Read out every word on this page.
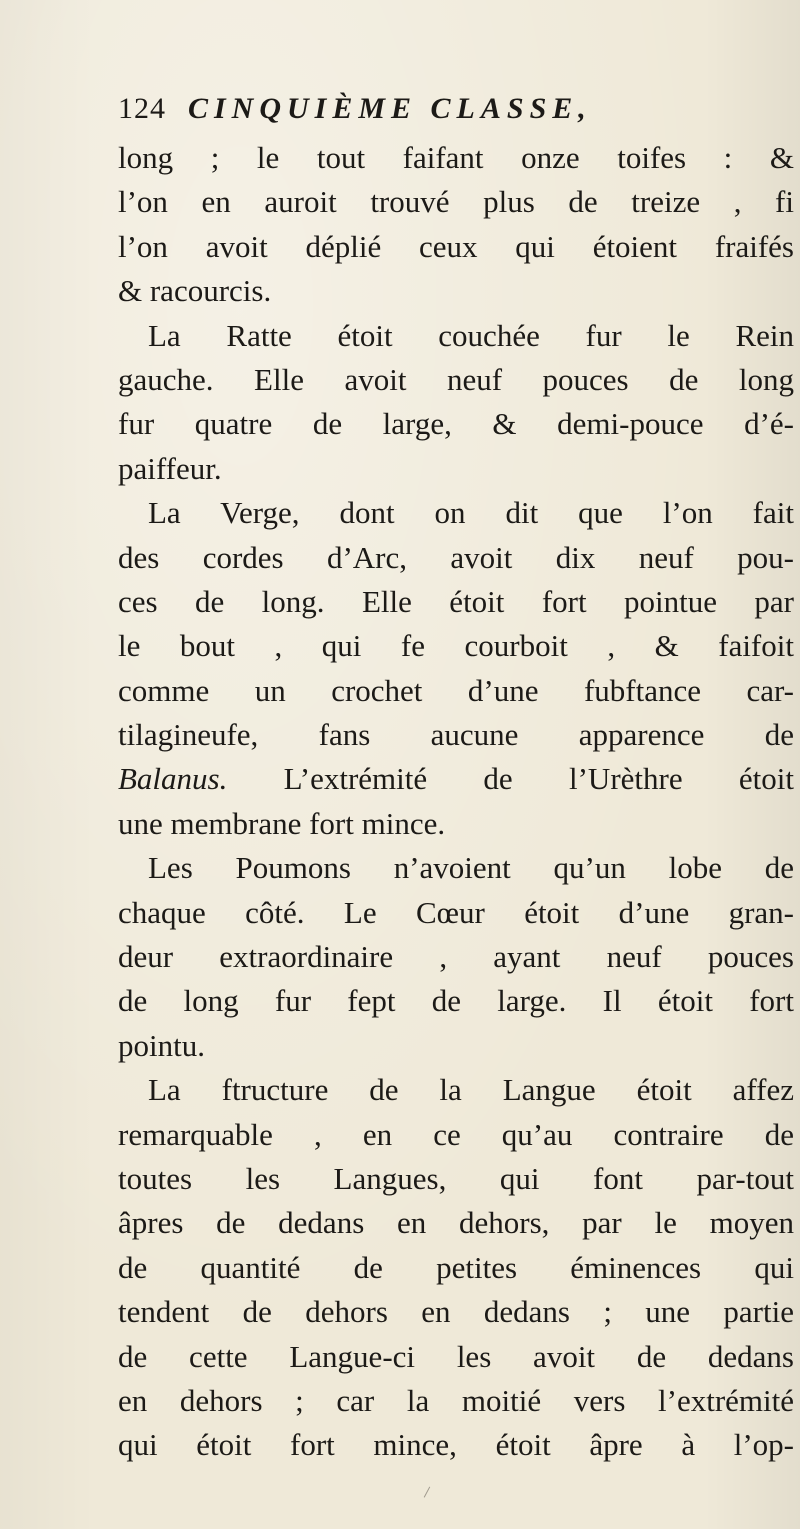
124 CINQUIÈME CLASSE,
long ; le tout faifant onze toifes : &
l’on en auroit trouvé plus de treize , fi
l’on avoit déplié ceux qui étoient fraifés
& racourcis.
La Ratte étoit couchée fur le Rein
gauche. Elle avoit neuf pouces de long
fur quatre de large, & demi-pouce d’é-
paiffeur.
La Verge, dont on dit que l’on fait
des cordes d’Arc, avoit dix neuf pou-
ces de long. Elle étoit fort pointue par
le bout , qui fe courboit , & faifoit
comme un crochet d’une fubftance car-
tilagineufe, fans aucune apparence de
Balanus. L’extrémité de l’Urèthre étoit
une membrane fort mince.
Les Poumons n’avoient qu’un lobe de
chaque côté. Le Cœur étoit d’une gran-
deur extraordinaire , ayant neuf pouces
de long fur fept de large. Il étoit fort
pointu.
La ftructure de la Langue étoit affez
remarquable , en ce qu’au contraire de
toutes les Langues, qui font par-tout
âpres de dedans en dehors, par le moyen
de quantité de petites éminences qui
tendent de dehors en dedans ; une partie
de cette Langue-ci les avoit de dedans
en dehors ; car la moitié vers l’extrémité
qui étoit fort mince, étoit âpre à l’op-
